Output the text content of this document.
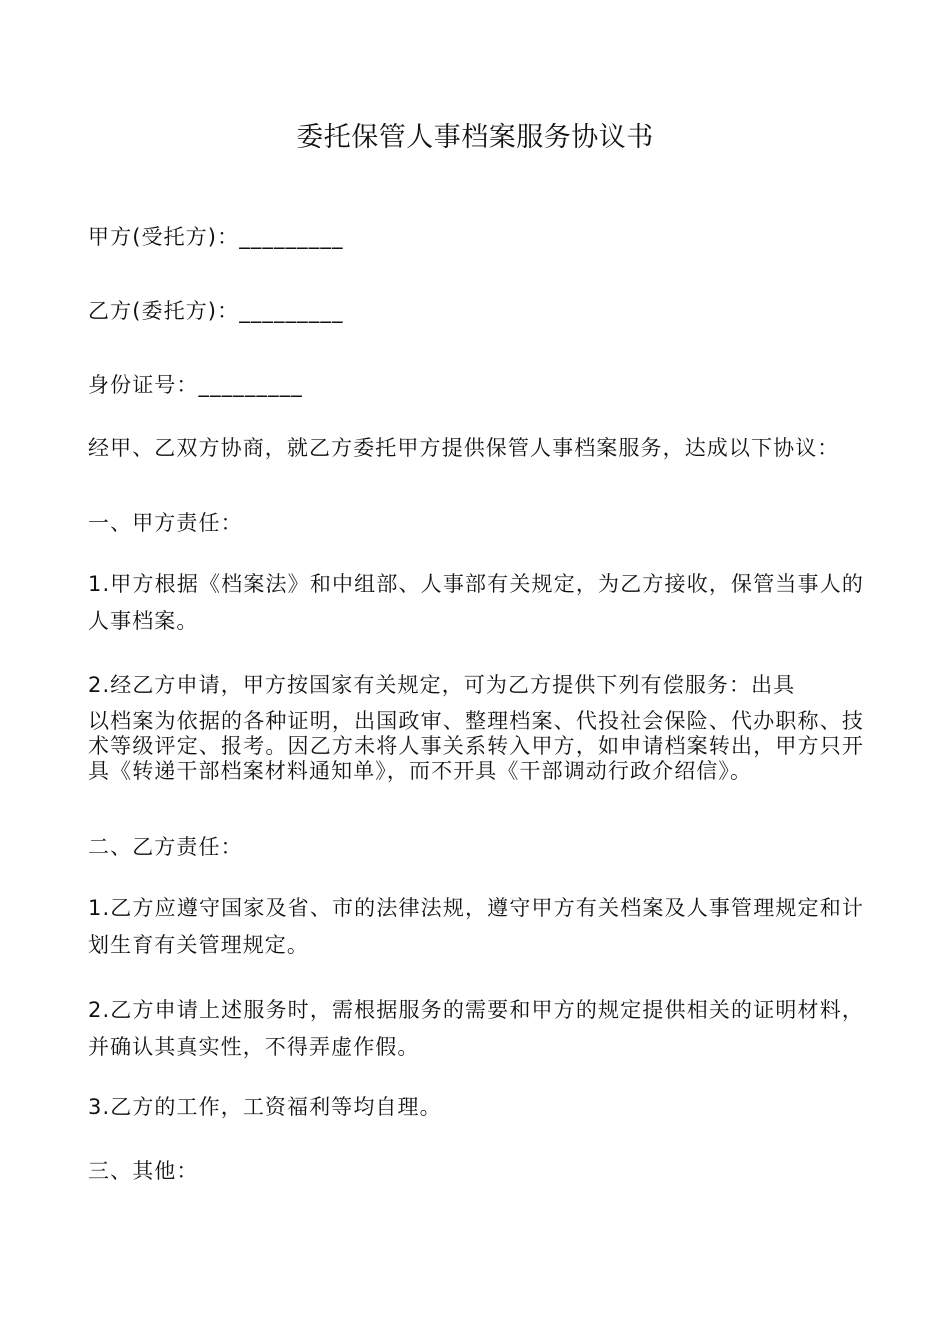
委托保管人事档案服务协议书
甲方(受托方)：_________
乙方(委托方)：_________
身份证号：_________
经甲、乙双方协商，就乙方委托甲方提供保管人事档案服务，达成以下协议：
一、甲方责任：
1.甲方根据《档案法》和中组部、人事部有关规定，为乙方接收，保管当事人的人事档案。
2.经乙方申请，甲方按国家有关规定，可为乙方提供下列有偿服务：出具
以档案为依据的各种证明，出国政审、整理档案、代投社会保险、代办职称、技术等级评定、报考。因乙方未将人事关系转入甲方，如申请档案转出，甲方只开具《转递干部档案材料通知单》，而不开具《干部调动行政介绍信》。
二、乙方责任：
1.乙方应遵守国家及省、市的法律法规，遵守甲方有关档案及人事管理规定和计划生育有关管理规定。
2.乙方申请上述服务时，需根据服务的需要和甲方的规定提供相关的证明材料，并确认其真实性，不得弄虚作假。
3.乙方的工作，工资福利等均自理。
三、其他：
